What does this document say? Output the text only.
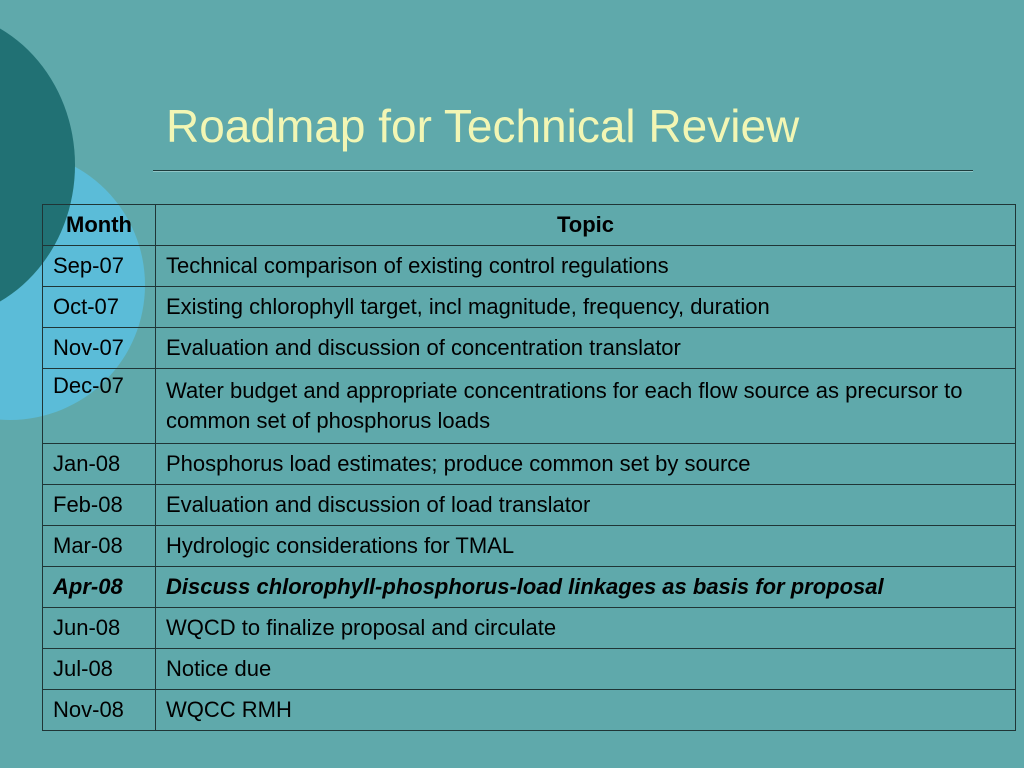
Roadmap for Technical Review
Month	Topic
Sep-07	Technical comparison of existing control regulations
Oct-07	Existing chlorophyll target, incl magnitude, frequency, duration
Nov-07	Evaluation and discussion of concentration translator
Dec-07	Water budget and appropriate concentrations for each flow source as precursor to common set of phosphorus loads
Jan-08	Phosphorus load estimates; produce common set by source
Feb-08	Evaluation and discussion of load translator
Mar-08	Hydrologic considerations for TMAL
Apr-08	Discuss chlorophyll-phosphorus-load linkages as basis for proposal
Jun-08	WQCD to finalize proposal and circulate
Jul-08	Notice due
Nov-08	WQCC RMH
